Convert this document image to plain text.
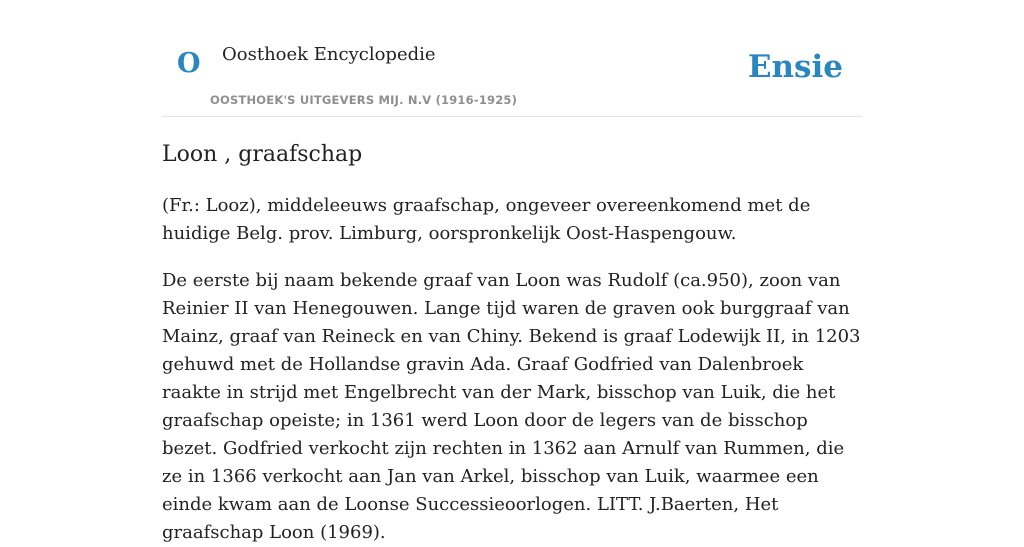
O Oosthoek Encyclopedie
OOSTHOEK'S UITGEVERS MIJ. N.V (1916-1925)
Ensie
Loon , graafschap

(Fr.: Looz), middeleeuws graafschap, ongeveer overeenkomend met de huidige Belg. prov. Limburg, oorspronkelijk Oost-Haspengouw.

De eerste bij naam bekende graaf van Loon was Rudolf (ca.950), zoon van Reinier II van Henegouwen. Lange tijd waren de graven ook burggraaf van Mainz, graaf van Reineck en van Chiny. Bekend is graaf Lodewijk II, in 1203 gehuwd met de Hollandse gravin Ada. Graaf Godfried van Dalenbroek raakte in strijd met Engelbrecht van der Mark, bisschop van Luik, die het graafschap opeiste; in 1361 werd Loon door de legers van de bisschop bezet. Godfried verkocht zijn rechten in 1362 aan Arnulf van Rummen, die ze in 1366 verkocht aan Jan van Arkel, bisschop van Luik, waarmee een einde kwam aan de Loonse Successieoorlogen. LITT. J.Baerten, Het graafschap Loon (1969).
